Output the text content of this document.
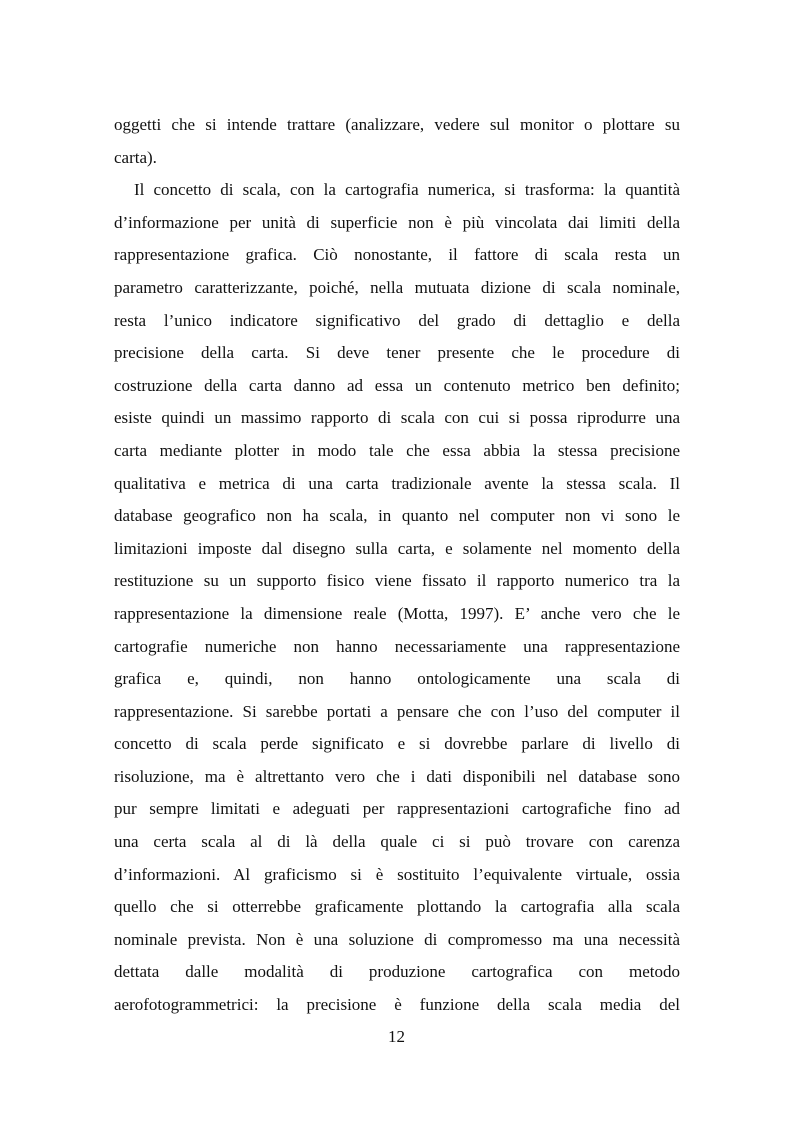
oggetti che si intende trattare (analizzare, vedere sul monitor o plottare su
carta).
Il concetto di scala, con la cartografia numerica, si trasforma: la quantità
d’informazione per unità di superficie non è più vincolata dai limiti della
rappresentazione grafica. Ciò nonostante, il fattore di scala resta un
parametro caratterizzante, poiché, nella mutuata dizione di scala nominale,
resta l’unico indicatore significativo del grado di dettaglio e della
precisione della carta. Si deve tener presente che le procedure di
costruzione della carta danno ad essa un contenuto metrico ben definito;
esiste quindi un massimo rapporto di scala con cui si possa riprodurre una
carta mediante plotter in modo tale che essa abbia la stessa precisione
qualitativa e metrica di una carta tradizionale avente la stessa scala. Il
database geografico non ha scala, in quanto nel computer non vi sono le
limitazioni imposte dal disegno sulla carta, e solamente nel momento della
restituzione su un supporto fisico viene fissato il rapporto numerico tra la
rappresentazione la dimensione reale (Motta, 1997). E’ anche vero che le
cartografie numeriche non hanno necessariamente una rappresentazione
grafica e, quindi, non hanno ontologicamente una scala di
rappresentazione. Si sarebbe portati a pensare che con l’uso del computer il
concetto di scala perde significato e si dovrebbe parlare di livello di
risoluzione, ma è altrettanto vero che i dati disponibili nel database sono
pur sempre limitati e adeguati per rappresentazioni cartografiche fino ad
una certa scala al di là della quale ci si può trovare con carenza
d’informazioni. Al graficismo si è sostituito l’equivalente virtuale, ossia
quello che si otterrebbe graficamente plottando la cartografia alla scala
nominale prevista. Non è una soluzione di compromesso ma una necessità
dettata dalle modalità di produzione cartografica con metodo
aerofotogrammetrici: la precisione è funzione della scala media del
12
